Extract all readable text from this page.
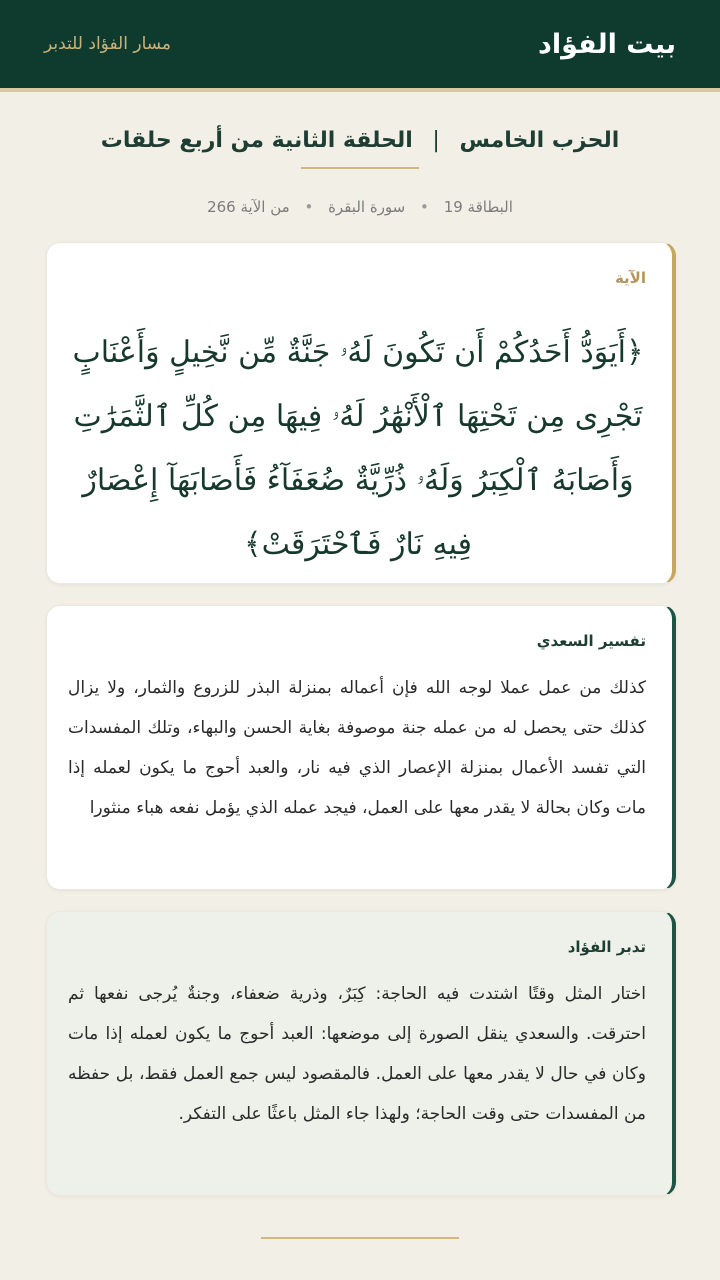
بيت الفؤاد
مسار الفؤاد للتدبر
الحزب الخامس | الحلقة الثانية من أربع حلقات
البطاقة 19 • سورة البقرة • من الآية 266
الآية
﴿أَيَوَدُّ أَحَدُكُمْ أَن تَكُونَ لَهُۥ جَنَّةٌ مِّن نَّخِيلٍ وَأَعْنَابٍ تَجْرِى مِن تَحْتِهَا ٱلْأَنْهَٰرُ لَهُۥ فِيهَا مِن كُلِّ ٱلثَّمَرَٰتِ وَأَصَابَهُ ٱلْكِبَرُ وَلَهُۥ ذُرِّيَّةٌ ضُعَفَآءُ فَأَصَابَهَآ إِعْصَارٌ فِيهِ نَارٌ فَٱحْتَرَقَتْ﴾
تفسير السعدي
كذلك من عمل عملا لوجه الله فإن أعماله بمنزلة البذر للزروع والثمار، ولا يزال كذلك حتى يحصل له من عمله جنة موصوفة بغاية الحسن والبهاء، وتلك المفسدات التي تفسد الأعمال بمنزلة الإعصار الذي فيه نار، والعبد أحوج ما يكون لعمله إذا مات وكان بحالة لا يقدر معها على العمل، فيجد عمله الذي يؤمل نفعه هباء منثورا
تدبر الفؤاد
اختار المثل وقتًا اشتدت فيه الحاجة: كِبَرٌ، وذرية ضعفاء، وجنةٌ يُرجى نفعها ثم احترقت. والسعدي ينقل الصورة إلى موضعها: العبد أحوج ما يكون لعمله إذا مات وكان في حال لا يقدر معها على العمل. فالمقصود ليس جمع العمل فقط، بل حفظه من المفسدات حتى وقت الحاجة؛ ولهذا جاء المثل باعثًا على التفكر.
